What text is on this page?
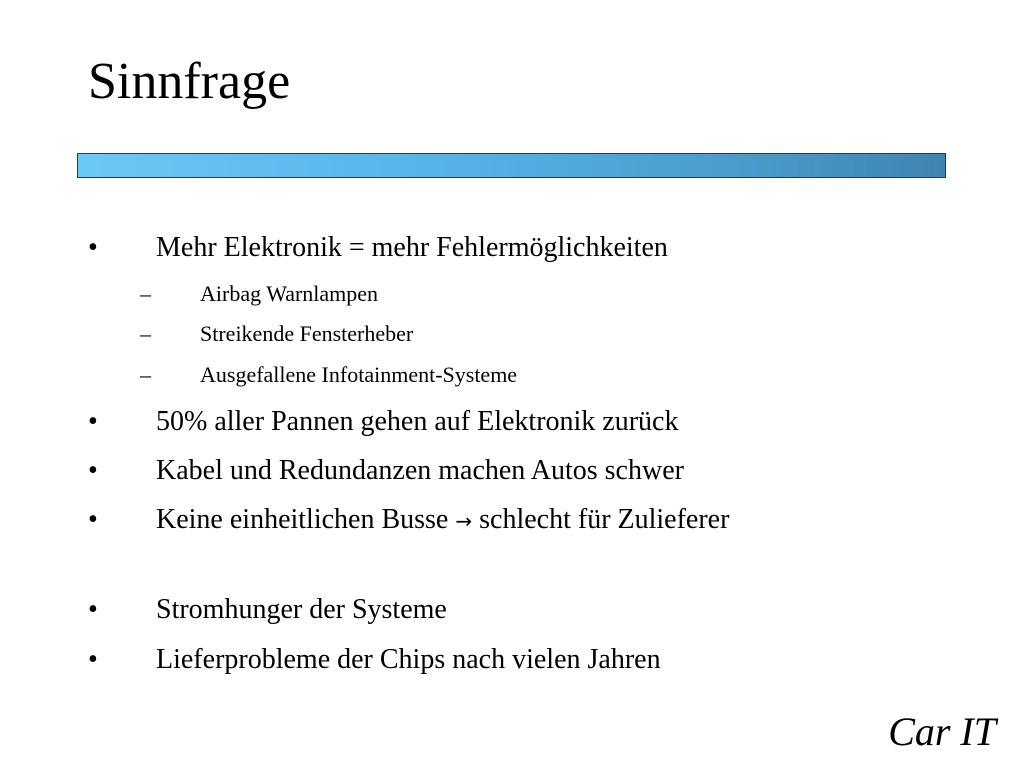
Sinnfrage
• Mehr Elektronik = mehr Fehlermöglichkeiten
– Airbag Warnlampen
– Streikende Fensterheber
– Ausgefallene Infotainment-Systeme
• 50% aller Pannen gehen auf Elektronik zurück
• Kabel und Redundanzen machen Autos schwer
• Keine einheitlichen Busse → schlecht für Zulieferer
• Stromhunger der Systeme
• Lieferprobleme der Chips nach vielen Jahren
Car IT
